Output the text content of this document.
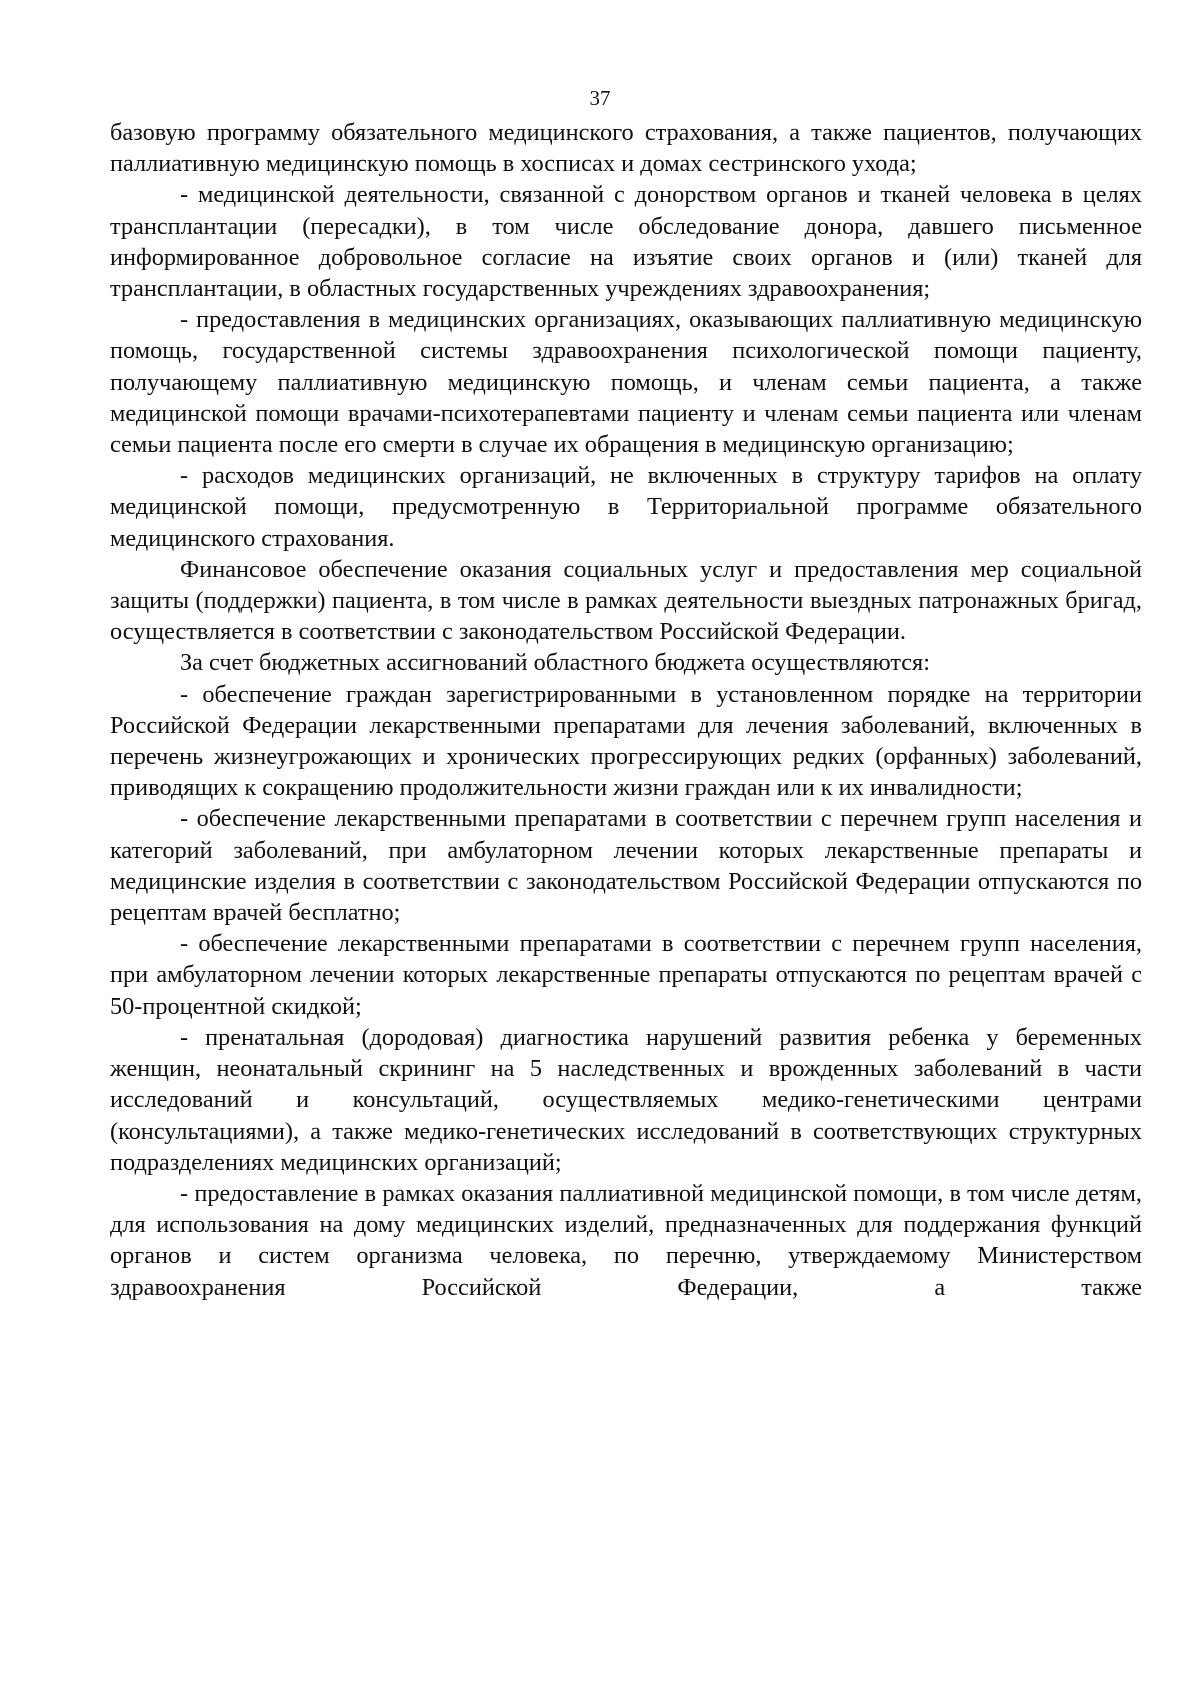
37

базовую программу обязательного медицинского страхования, а также пациентов, получающих паллиативную медицинскую помощь в хосписах и домах сестринского ухода;

- медицинской деятельности, связанной с донорством органов и тканей человека в целях трансплантации (пересадки), в том числе обследование донора, давшего письменное информированное добровольное согласие на изъятие своих органов и (или) тканей для трансплантации, в областных государственных учреждениях здравоохранения;

- предоставления в медицинских организациях, оказывающих паллиативную медицинскую помощь, государственной системы здравоохранения психологической помощи пациенту, получающему паллиативную медицинскую помощь, и членам семьи пациента, а также медицинской помощи врачами-психотерапевтами пациенту и членам семьи пациента или членам семьи пациента после его смерти в случае их обращения в медицинскую организацию;

- расходов медицинских организаций, не включенных в структуру тарифов на оплату медицинской помощи, предусмотренную в Территориальной программе обязательного медицинского страхования.

Финансовое обеспечение оказания социальных услуг и предоставления мер социальной защиты (поддержки) пациента, в том числе в рамках деятельности выездных патронажных бригад, осуществляется в соответствии с законодательством Российской Федерации.

За счет бюджетных ассигнований областного бюджета осуществляются:

- обеспечение граждан зарегистрированными в установленном порядке на территории Российской Федерации лекарственными препаратами для лечения заболеваний, включенных в перечень жизнеугрожающих и хронических прогрессирующих редких (орфанных) заболеваний, приводящих к сокращению продолжительности жизни граждан или к их инвалидности;

- обеспечение лекарственными препаратами в соответствии с перечнем групп населения и категорий заболеваний, при амбулаторном лечении которых лекарственные препараты и медицинские изделия в соответствии с законодательством Российской Федерации отпускаются по рецептам врачей бесплатно;

- обеспечение лекарственными препаратами в соответствии с перечнем групп населения, при амбулаторном лечении которых лекарственные препараты отпускаются по рецептам врачей с 50-процентной скидкой;

- пренатальная (дородовая) диагностика нарушений развития ребенка у беременных женщин, неонатальный скрининг на 5 наследственных и врожденных заболеваний в части исследований и консультаций, осуществляемых медико-генетическими центрами (консультациями), а также медико-генетических исследований в соответствующих структурных подразделениях медицинских организаций;

- предоставление в рамках оказания паллиативной медицинской помощи, в том числе детям, для использования на дому медицинских изделий, предназначенных для поддержания функций органов и систем организма человека, по перечню, утверждаемому Министерством здравоохранения Российской Федерации, а также
